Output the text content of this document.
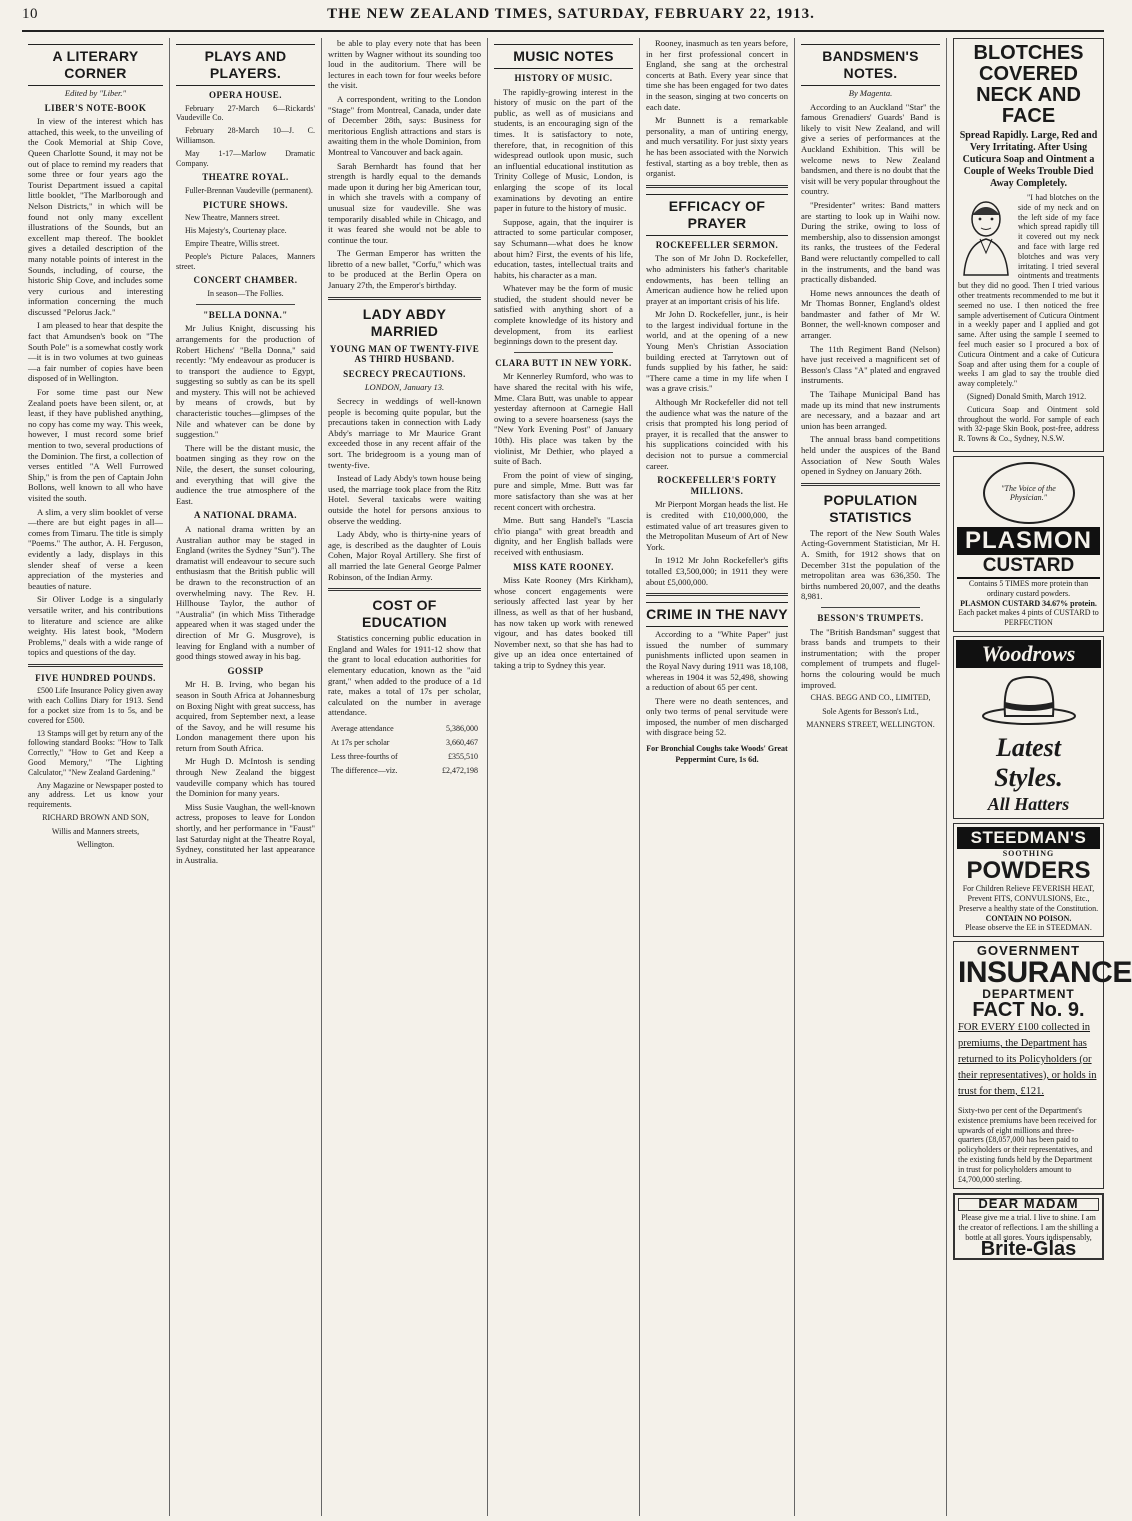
10	THE NEW ZEALAND TIMES, SATURDAY, FEBRUARY 22, 1913.
A LITERARY CORNER
Edited by "Liber."
LIBER'S NOTE-BOOK

In view of the interest which has attached, this week, to the unveiling of the Cook Memorial at Ship Cove, Queen Charlotte Sound, it may not be out of place to remind my readers that some three or four years ago the Tourist Department issued a capital little booklet, "The Marlborough and Nelson Districts," in which will be found not only many excellent illustrations of the Sounds, but an excellent map thereof. The booklet gives a detailed description of the many notable points of interest in the Sounds, including, of course, the historic Ship Cove, and includes some very curious and interesting information concerning the much discussed "Pelorus Jack."

I am pleased to hear that despite the fact that Amundsen's book on "The South Pole" is a somewhat costly work—it is in two volumes at two guineas—a fair number of copies have been disposed of in Wellington.

For some time past our New Zealand poets have been silent, or, at least, if they have published anything, no copy has come my way. This week, however, I must record some brief mention to two, several productions of the Dominion. The first, a collection of verses entitled "A Well Furrowed Ship," is from the pen of Captain John Bollons, well known to all who have visited the south.

A slim, a very slim booklet of verse—there are but eight pages in all—comes from Timaru. The title is simply "Poems." The author, A. H. Ferguson, evidently a lady, displays in this slender sheaf of verse a keen appreciation of the mysteries and beauties of nature.

Sir Oliver Lodge is a singularly versatile writer, and his contributions to literature and science are alike weighty. His latest book, "Modern Problems," deals with a wide range of topics and questions of the day.

FIVE HUNDRED POUNDS.

£500 Life Insurance Policy given away with each Collins Diary for 1913. Send for a pocket size from 1s to 5s, and be covered for £500.

13 Stamps will get by return any of the following standard Books: "How to Talk Correctly," "How to Get and Keep a Good Memory," "The Lighting Calculator," "New Zealand Gardening."

Any Magazine or Newspaper posted to any address. Let us know your requirements.

RICHARD BROWN AND SON,
Willis and Manners streets,
Wellington.
PLAYS AND PLAYERS.
OPERA HOUSE.

February 27-March 6—Rickards' Vaudeville Co.

February 28-March 10—J. C. Williamson.

May 1-17—Marlow Dramatic Company.

THEATRE ROYAL.

Fuller-Brennan Vaudeville (permanent).

PICTURE SHOWS.

New Theatre, Manners street.

His Majesty's, Courtenay place.

Empire Theatre, Willis street.

People's Picture Palaces, Manners street.

CONCERT CHAMBER.

In season—The Follies.

"BELLA DONNA."

Mr Julius Knight, discussing his arrangements for the production of Robert Hichens' "Bella Donna," said recently: "My endeavour as producer is to transport the audience to Egypt, suggesting so subtly as can be its spell and mystery. This will not be achieved by means of crowds, but by characteristic touches—glimpses of the Nile and whatever can be done by suggestion."

There will be the distant music, the boatmen singing as they row on the Nile, the desert, the sunset colouring, and everything that will give the audience the true atmosphere of the East.

A NATIONAL DRAMA.

A national drama written by an Australian author may be staged in England (writes the Sydney "Sun"). The dramatist will endeavour to secure such enthusiasm that the British public will be drawn to the reconstruction of an overwhelming navy. The Rev. H. Hillhouse Taylor, the author of "Australia" (in which Miss Titheradge appeared when it was staged under the direction of Mr G. Musgrove), is leaving for England with a number of good things stowed away in his bag.

GOSSIP

Mr H. B. Irving, who began his season in South Africa at Johannesburg on Boxing Night with great success, has acquired, from September next, a lease of the Savoy, and he will resume his London management there upon his return from South Africa.

Mr Hugh D. McIntosh is sending through New Zealand the biggest vaudeville company which has toured the Dominion for many years.

Miss Susie Vaughan, the well-known actress, proposes to leave for London shortly, and her performance in "Faust" last Saturday night at the Theatre Royal, Sydney, constituted her last appearance in Australia.

be able to play every note that has been written by Wagner without its sounding too loud in the auditorium. There will be lectures in each town for four weeks before the visit.

A correspondent, writing to the London "Stage" from Montreal, Canada, under date of December 28th, says: Business for meritorious English attractions and stars is awaiting them in the whole Dominion, from Montreal to Vancouver and back again.

Sarah Bernhardt has found that her strength is hardly equal to the demands made upon it during her big American tour, in which she travels with a company of unusual size for vaudeville. She was temporarily disabled while in Chicago, and it was feared she would not be able to continue the tour.

The German Emperor has written the libretto of a new ballet, "Corfu," which was to be produced at the Berlin Opera on January 27th, the Emperor's birthday.

LADY ABDY MARRIED
YOUNG MAN OF TWENTY-FIVE AS THIRD HUSBAND.
SECRECY PRECAUTIONS.
LONDON, January 13.

Secrecy in weddings of well-known people is becoming quite popular, but the precautions taken in connection with Lady Abdy's marriage to Mr Maurice Grant exceeded those in any recent affair of the sort. The bridegroom is a young man of twenty-five.

Instead of Lady Abdy's town house being used, the marriage took place from the Ritz Hotel. Several taxicabs were waiting outside the hotel for persons anxious to observe the wedding.

Lady Abdy, who is thirty-nine years of age, is described as the daughter of Louis Cohen, Major Royal Artillery. She first of all married the late General George Palmer Robinson, of the Indian Army.

COST OF EDUCATION

Statistics concerning public education in England and Wales for 1911-12 show that the grant to local education authorities for elementary education, known as the "aid grant," when added to the produce of a 1d rate, makes a total of 17s per scholar, calculated on the number in average attendance.

Average attendance	5,386,000
At 17s per scholar	3,660,467
Less three-fourths of	£355,510
The difference—viz.	£2,472,198
MUSIC NOTES
HISTORY OF MUSIC.

The rapidly-growing interest in the history of music on the part of the public, as well as of musicians and students, is an encouraging sign of the times. It is satisfactory to note, therefore, that, in recognition of this widespread outlook upon music, such an influential educational institution as Trinity College of Music, London, is enlarging the scope of its local examinations by devoting an entire paper in future to the history of music.

Suppose, again, that the inquirer is attracted to some particular composer, say Schumann—what does he know about him? First, the events of his life, education, tastes, intellectual traits and habits, his character as a man.

Whatever may be the form of music studied, the student should never be satisfied with anything short of a complete knowledge of its history and development, from its earliest beginnings down to the present day.

CLARA BUTT IN NEW YORK.

Mr Kennerley Rumford, who was to have shared the recital with his wife, Mme. Clara Butt, was unable to appear yesterday afternoon at Carnegie Hall owing to a severe hoarseness (says the "New York Evening Post" of January 10th). His place was taken by the violinist, Mr Dethier, who played a suite of Bach.

From the point of view of singing, pure and simple, Mme. Butt was far more satisfactory than she was at her recent concert with orchestra.

Mme. Butt sang Handel's "Lascia ch'io pianga" with great breadth and dignity, and her English ballads were received with enthusiasm.

MISS KATE ROONEY.

Miss Kate Rooney (Mrs Kirkham), whose concert engagements were seriously affected last year by her illness, as well as that of her husband, has now taken up work with renewed vigour, and has dates booked till November next, so that she has had to give up an idea once entertained of taking a trip to Sydney this year.

Rooney, inasmuch as ten years before, in her first professional concert in England, she sang at the orchestral concerts at Bath. Every year since that time she has been engaged for two dates in the season, singing at two concerts on each date.

Mr Bunnett is a remarkable personality, a man of untiring energy, and much versatility. For just sixty years he has been associated with the Norwich festival, starting as a boy treble, then as organist.

EFFICACY OF PRAYER
ROCKEFELLER SERMON.

The son of Mr John D. Rockefeller, who administers his father's charitable endowments, has been telling an American audience how he relied upon prayer at an important crisis of his life.

Mr John D. Rockefeller, junr., is heir to the largest individual fortune in the world, and at the opening of a new Young Men's Christian Association building erected at Tarrytown out of funds supplied by his father, he said: "There came a time in my life when I was a grave crisis."

Although Mr Rockefeller did not tell the audience what was the nature of the crisis that prompted his long period of prayer, it is recalled that the answer to his supplications coincided with his decision not to pursue a commercial career.

ROCKEFELLER'S FORTY MILLIONS.

Mr Pierpont Morgan heads the list. He is credited with £10,000,000, the estimated value of art treasures given to the Metropolitan Museum of Art of New York.

In 1912 Mr John Rockefeller's gifts totalled £3,500,000; in 1911 they were about £5,000,000.

CRIME IN THE NAVY

According to a "White Paper" just issued the number of summary punishments inflicted upon seamen in the Royal Navy during 1911 was 18,108, whereas in 1904 it was 52,498, showing a reduction of about 65 per cent.

There were no death sentences, and only two terms of penal servitude were imposed, the number of men discharged with disgrace being 52.

For Bronchial Coughs take Woods' Great Peppermint Cure, 1s 6d.
BANDSMEN'S NOTES.
By Magenta.

According to an Auckland "Star" the famous Grenadiers' Guards' Band is likely to visit New Zealand, and will give a series of performances at the Auckland Exhibition. This will be welcome news to New Zealand bandsmen, and there is no doubt that the visit will be very popular throughout the country.

"Presidenter" writes: Band matters are starting to look up in Waihi now. During the strike, owing to loss of membership, also to dissension amongst its ranks, the trustees of the Federal Band were reluctantly compelled to call in the instruments, and the band was practically disbanded.

Home news announces the death of Mr Thomas Bonner, England's oldest bandmaster and father of Mr W. Bonner, the well-known composer and arranger.

The 11th Regiment Band (Nelson) have just received a magnificent set of Besson's Class "A" plated and engraved instruments.

The Taihape Municipal Band has made up its mind that new instruments are necessary, and a bazaar and art union has been arranged.

The annual brass band competitions held under the auspices of the Band Association of New South Wales opened in Sydney on January 26th.

POPULATION STATISTICS

The report of the New South Wales Acting-Government Statistician, Mr H. A. Smith, for 1912 shows that on December 31st the population of the metropolitan area was 636,350. The births numbered 20,007, and the deaths 8,981.

BESSON'S TRUMPETS.

The "British Bandsman" suggest that brass bands and trumpets to their instrumentation; with the proper complement of trumpets and flugel-horns the colouring would be much improved.

CHAS. BEGG AND CO., LIMITED,
Sole Agents for Besson's Ltd.,
MANNERS STREET, WELLINGTON.
BLOTCHES COVERED NECK AND FACE
Spread Rapidly. Large, Red and Very Irritating. After Using Cuticura Soap and Ointment a Couple of Weeks Trouble Died Away Completely.

"I had blotches on the side of my neck and on the left side of my face which spread rapidly till it covered out my neck and face with large red blotches and was very irritating. I tried several ointments and treatments but they did no good. Then I tried various other treatments recommended to me but it seemed no use. I then noticed the free sample advertisement of Cuticura Ointment in a weekly paper and I applied and got same. After using the sample I seemed to feel much easier so I procured a box of Cuticura Ointment and a cake of Cuticura Soap and after using them for a couple of weeks I am glad to say the trouble died away completely."

(Signed) Donald Smith, March 1912.

Cuticura Soap and Ointment sold throughout the world. For sample of each with 32-page Skin Book, post-free, address R. Towns & Co., Sydney, N.S.W.

"The Voice of the Physician."
PLASMON
CUSTARD
Contains 5 TIMES more protein than ordinary custard powders.
PLASMON CUSTARD 34.67% protein.
Each packet makes 4 pints of CUSTARD to PERFECTION
Woodrows
Latest
Styles.
All Hatters
STEEDMAN'S
SOOTHING
POWDERS
For Children Relieve FEVERISH HEAT, Prevent FITS, CONVULSIONS, Etc., Preserve a healthy state of the Constitution.
CONTAIN NO POISON.
Please observe the EE in STEEDMAN.
GOVERNMENT
INSURANCE
DEPARTMENT
FACT No. 9.
FOR EVERY £100 collected in premiums, the Department has returned to its Policyholders (or their representatives), or holds in trust for them, £121.
Sixty-two per cent of the Department's existence premiums have been received for upwards of eight millions and three-quarters (£8,057,000 has been paid to policyholders or their representatives, and the existing funds held by the Department in trust for policyholders amount to £4,700,000 sterling.
DEAR MADAM
Please give me a trial. I live to shine. I am the creator of reflections. I am the shilling a bottle at all stores. Yours indispensably,
Brite-Glas
